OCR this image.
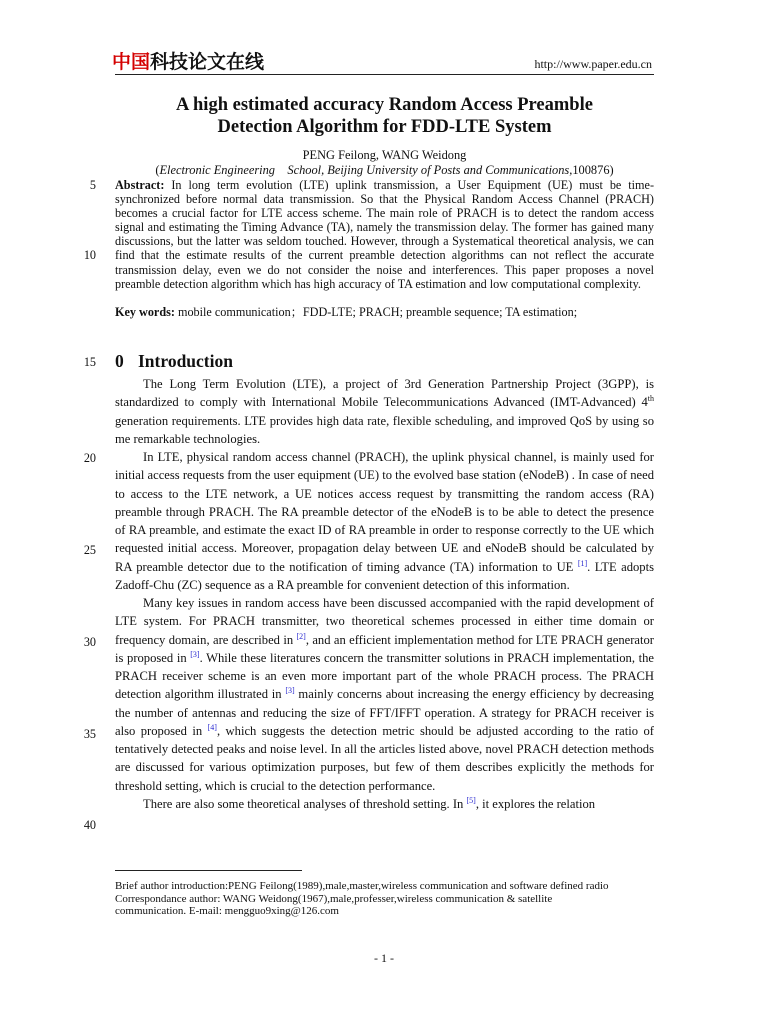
中国科技论文在线	http://www.paper.edu.cn
A high estimated accuracy Random Access Preamble
Detection Algorithm for FDD-LTE System
PENG Feilong, WANG Weidong
(Electronic Engineering School, Beijing University of Posts and Communications,100876)
Abstract: In long term evolution (LTE) uplink transmission, a User Equipment (UE) must be time-synchronized before normal data transmission. So that the Physical Random Access Channel (PRACH) becomes a crucial factor for LTE access scheme. The main role of PRACH is to detect the random access signal and estimating the Timing Advance (TA), namely the transmission delay. The former has gained many discussions, but the latter was seldom touched. However, through a Systematical theoretical analysis, we can find that the estimate results of the current preamble detection algorithms can not reflect the accurate transmission delay, even we do not consider the noise and interferences. This paper proposes a novel preamble detection algorithm which has high accuracy of TA estimation and low computational complexity.
Key words: mobile communication；FDD-LTE; PRACH; preamble sequence; TA estimation;
5
10
15
20
25
30
35
40
0 Introduction

The Long Term Evolution (LTE), a project of 3rd Generation Partnership Project (3GPP), is standardized to comply with International Mobile Telecommunications Advanced (IMT-Advanced) 4th generation requirements. LTE provides high data rate, flexible scheduling, and improved QoS by using so me remarkable technologies.

In LTE, physical random access channel (PRACH), the uplink physical channel, is mainly used for initial access requests from the user equipment (UE) to the evolved base station (eNodeB) . In case of need to access to the LTE network, a UE notices access request by transmitting the random access (RA) preamble through PRACH. The RA preamble detector of the eNodeB is to be able to detect the presence of RA preamble, and estimate the exact ID of RA preamble in order to response correctly to the UE which requested initial access. Moreover, propagation delay between UE and eNodeB should be calculated by RA preamble detector due to the notification of timing advance (TA) information to UE [1]. LTE adopts Zadoff-Chu (ZC) sequence as a RA preamble for convenient detection of this information.

Many key issues in random access have been discussed accompanied with the rapid development of LTE system. For PRACH transmitter, two theoretical schemes processed in either time domain or frequency domain, are described in [2], and an efficient implementation method for LTE PRACH generator is proposed in [3]. While these literatures concern the transmitter solutions in PRACH implementation, the PRACH receiver scheme is an even more important part of the whole PRACH process. The PRACH detection algorithm illustrated in [3] mainly concerns about increasing the energy efficiency by decreasing the number of antennas and reducing the size of FFT/IFFT operation. A strategy for PRACH receiver is also proposed in [4], which suggests the detection metric should be adjusted according to the ratio of tentatively detected peaks and noise level. In all the articles listed above, novel PRACH detection methods are discussed for various optimization purposes, but few of them describes explicitly the methods for threshold setting, which is crucial to the detection performance.

There are also some theoretical analyses of threshold setting. In [5], it explores the relation

Brief author introduction:PENG Feilong(1989),male,master,wireless communication and software defined radio
Correspondance author: WANG Weidong(1967),male,professer,wireless communication & satellite
communication. E-mail: mengguo9xing@126.com
- 1 -
